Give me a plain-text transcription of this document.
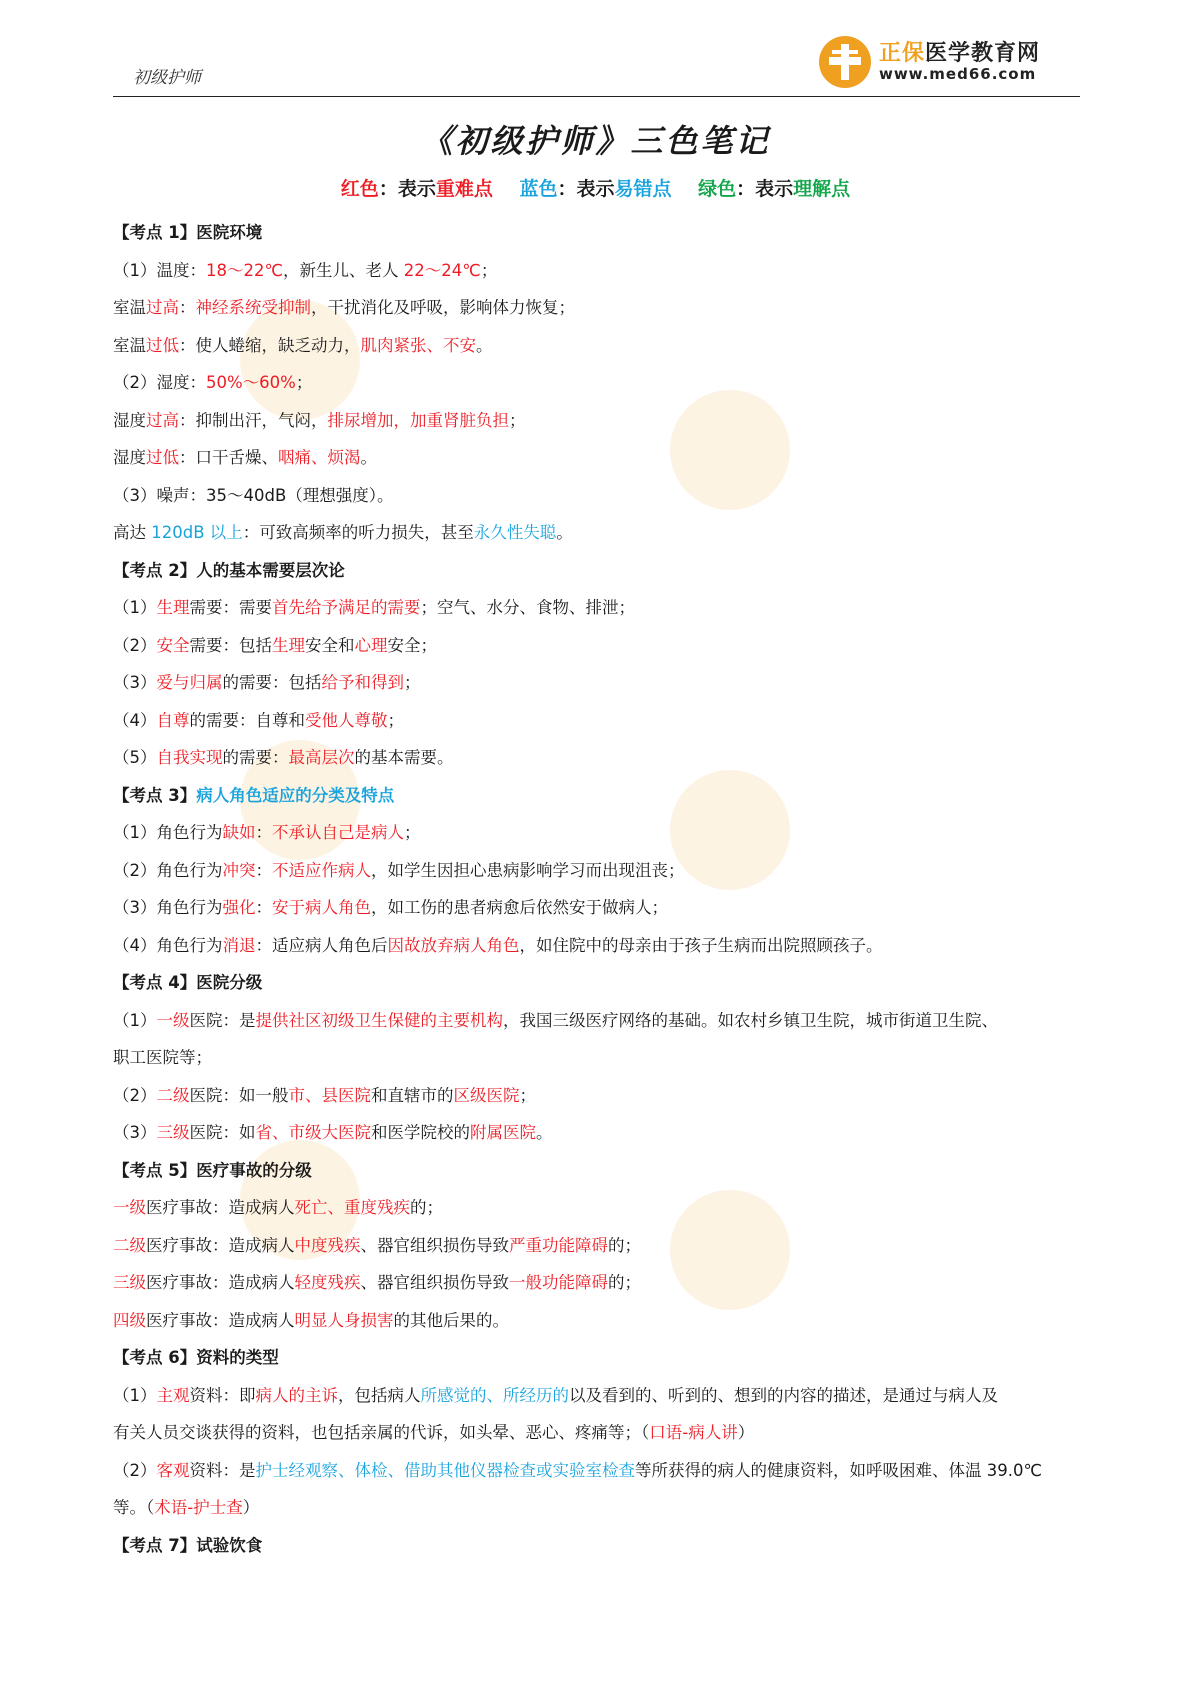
初级护师
正保医学教育网
www.med66.com
《初级护师》三色笔记
红色：表示重难点 蓝色：表示易错点 绿色：表示理解点
【考点 1】医院环境
（1）温度：18～22℃，新生儿、老人 22～24℃；
室温过高：神经系统受抑制，干扰消化及呼吸，影响体力恢复；
室温过低：使人蜷缩，缺乏动力，肌肉紧张、不安。
（2）湿度：50%～60%；
湿度过高：抑制出汗，气闷，排尿增加，加重肾脏负担；
湿度过低：口干舌燥、咽痛、烦渴。
（3）噪声：35～40dB（理想强度）。
高达 120dB 以上：可致高频率的听力损失，甚至永久性失聪。
【考点 2】人的基本需要层次论
（1）生理需要：需要首先给予满足的需要；空气、水分、食物、排泄；
（2）安全需要：包括生理安全和心理安全；
（3）爱与归属的需要：包括给予和得到；
（4）自尊的需要：自尊和受他人尊敬；
（5）自我实现的需要：最高层次的基本需要。
【考点 3】病人角色适应的分类及特点
（1）角色行为缺如：不承认自己是病人；
（2）角色行为冲突：不适应作病人，如学生因担心患病影响学习而出现沮丧；
（3）角色行为强化：安于病人角色，如工伤的患者病愈后依然安于做病人；
（4）角色行为消退：适应病人角色后因故放弃病人角色，如住院中的母亲由于孩子生病而出院照顾孩子。
【考点 4】医院分级
（1）一级医院：是提供社区初级卫生保健的主要机构，我国三级医疗网络的基础。如农村乡镇卫生院，城市街道卫生院、
职工医院等；
（2）二级医院：如一般市、县医院和直辖市的区级医院；
（3）三级医院：如省、市级大医院和医学院校的附属医院。
【考点 5】医疗事故的分级
一级医疗事故：造成病人死亡、重度残疾的；
二级医疗事故：造成病人中度残疾、器官组织损伤导致严重功能障碍的；
三级医疗事故：造成病人轻度残疾、器官组织损伤导致一般功能障碍的；
四级医疗事故：造成病人明显人身损害的其他后果的。
【考点 6】资料的类型
（1）主观资料：即病人的主诉，包括病人所感觉的、所经历的以及看到的、听到的、想到的内容的描述，是通过与病人及
有关人员交谈获得的资料，也包括亲属的代诉，如头晕、恶心、疼痛等；（口语-病人讲）
（2）客观资料：是护士经观察、体检、借助其他仪器检查或实验室检查等所获得的病人的健康资料，如呼吸困难、体温 39.0℃
等。（术语-护士查）
【考点 7】试验饮食
